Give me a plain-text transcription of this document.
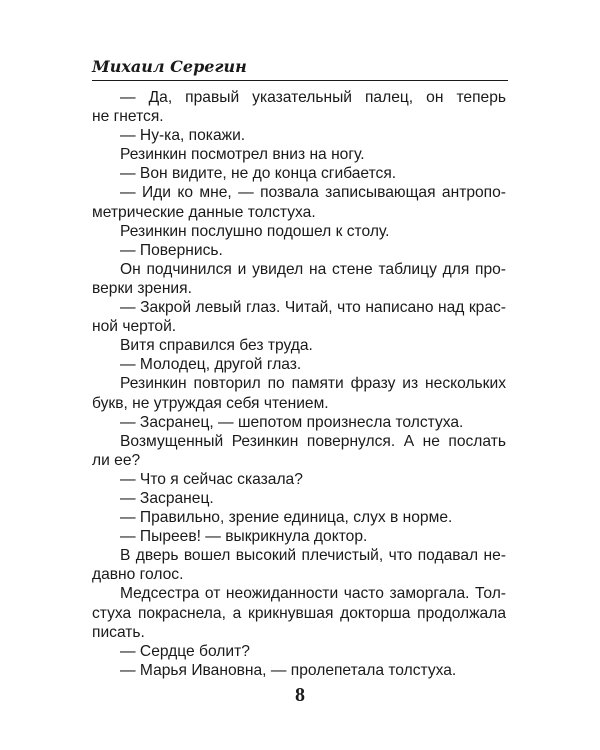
Михаил Серегин
— Да, правый указательный палец, он теперь
не гнется.
— Ну-ка, покажи.
Резинкин посмотрел вниз на ногу.
— Вон видите, не до конца сгибается.
— Иди ко мне, — позвала записывающая антропо-
метрические данные толстуха.
Резинкин послушно подошел к столу.
— Повернись.
Он подчинился и увидел на стене таблицу для про-
верки зрения.
— Закрой левый глаз. Читай, что написано над крас-
ной чертой.
Витя справился без труда.
— Молодец, другой глаз.
Резинкин повторил по памяти фразу из нескольких
букв, не утруждая себя чтением.
— Засранец, — шепотом произнесла толстуха.
Возмущенный Резинкин повернулся. А не послать
ли ее?
— Что я сейчас сказала?
— Засранец.
— Правильно, зрение единица, слух в норме.
— Пыреев! — выкрикнула доктор.
В дверь вошел высокий плечистый, что подавал не-
давно голос.
Медсестра от неожиданности часто заморгала. Тол-
стуха покраснела, а крикнувшая докторша продолжала
писать.
— Сердце болит?
— Марья Ивановна, — пролепетала толстуха.
8
